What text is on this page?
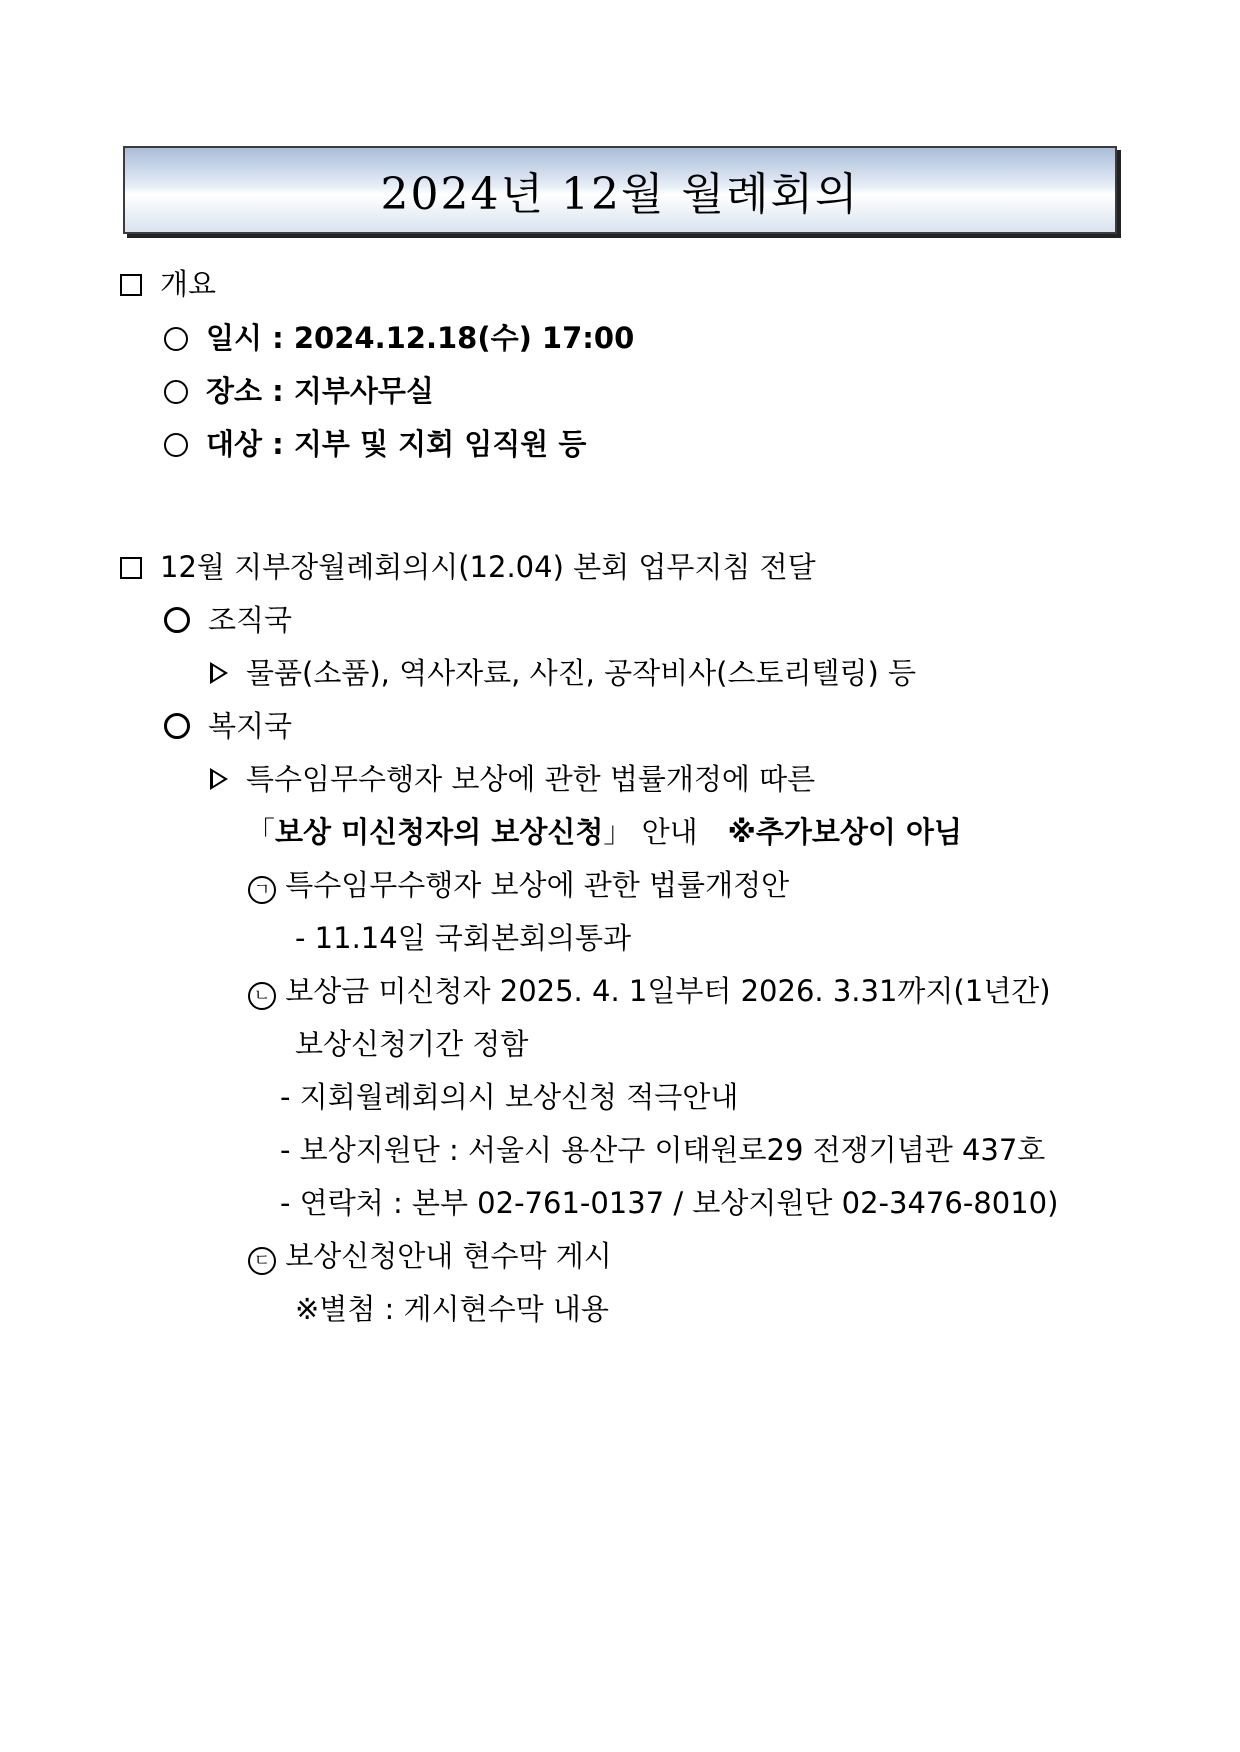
2024년 12월 월례회의
개요
일시 : 2024.12.18(수) 17:00
장소 : 지부사무실
대상 : 지부 및 지회 임직원 등
12월 지부장월례회의시(12.04) 본회 업무지침 전달
조직국
물품(소품), 역사자료, 사진, 공작비사(스토리텔링) 등
복지국
특수임무수행자 보상에 관한 법률개정에 따른
「보상 미신청자의 보상신청」 안내 ※추가보상이 아님
ㄱ 특수임무수행자 보상에 관한 법률개정안
- 11.14일 국회본회의통과
ㄴ 보상금 미신청자 2025. 4. 1일부터 2026. 3.31까지(1년간)
보상신청기간 정함
- 지회월례회의시 보상신청 적극안내
- 보상지원단 : 서울시 용산구 이태원로29 전쟁기념관 437호
- 연락처 : 본부 02-761-0137 / 보상지원단 02-3476-8010)
ㄷ 보상신청안내 현수막 게시
※별첨 : 게시현수막 내용
